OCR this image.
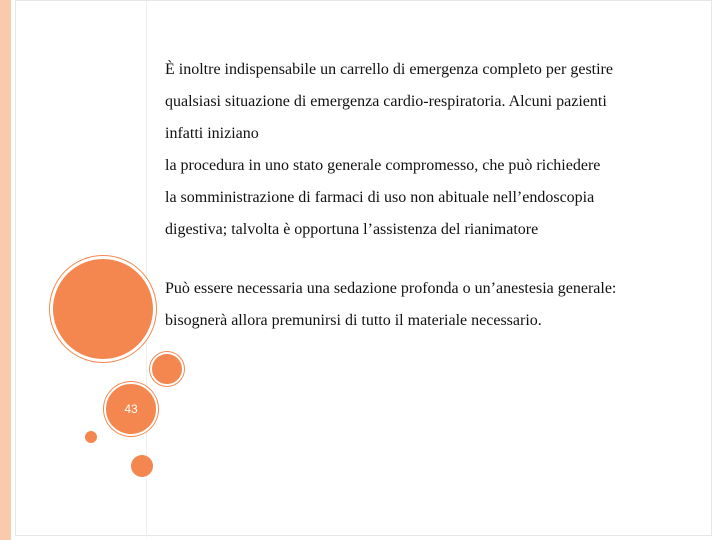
43
È inoltre indispensabile un carrello di emergenza completo per gestire
qualsiasi situazione di emergenza cardio-respiratoria. Alcuni pazienti
infatti iniziano
la procedura in uno stato generale compromesso, che può richiedere
la somministrazione di farmaci di uso non abituale nell’endoscopia
digestiva; talvolta è opportuna l’assistenza del rianimatore
Può essere necessaria una sedazione profonda o un’anestesia generale:
bisognerà allora premunirsi di tutto il materiale necessario.
